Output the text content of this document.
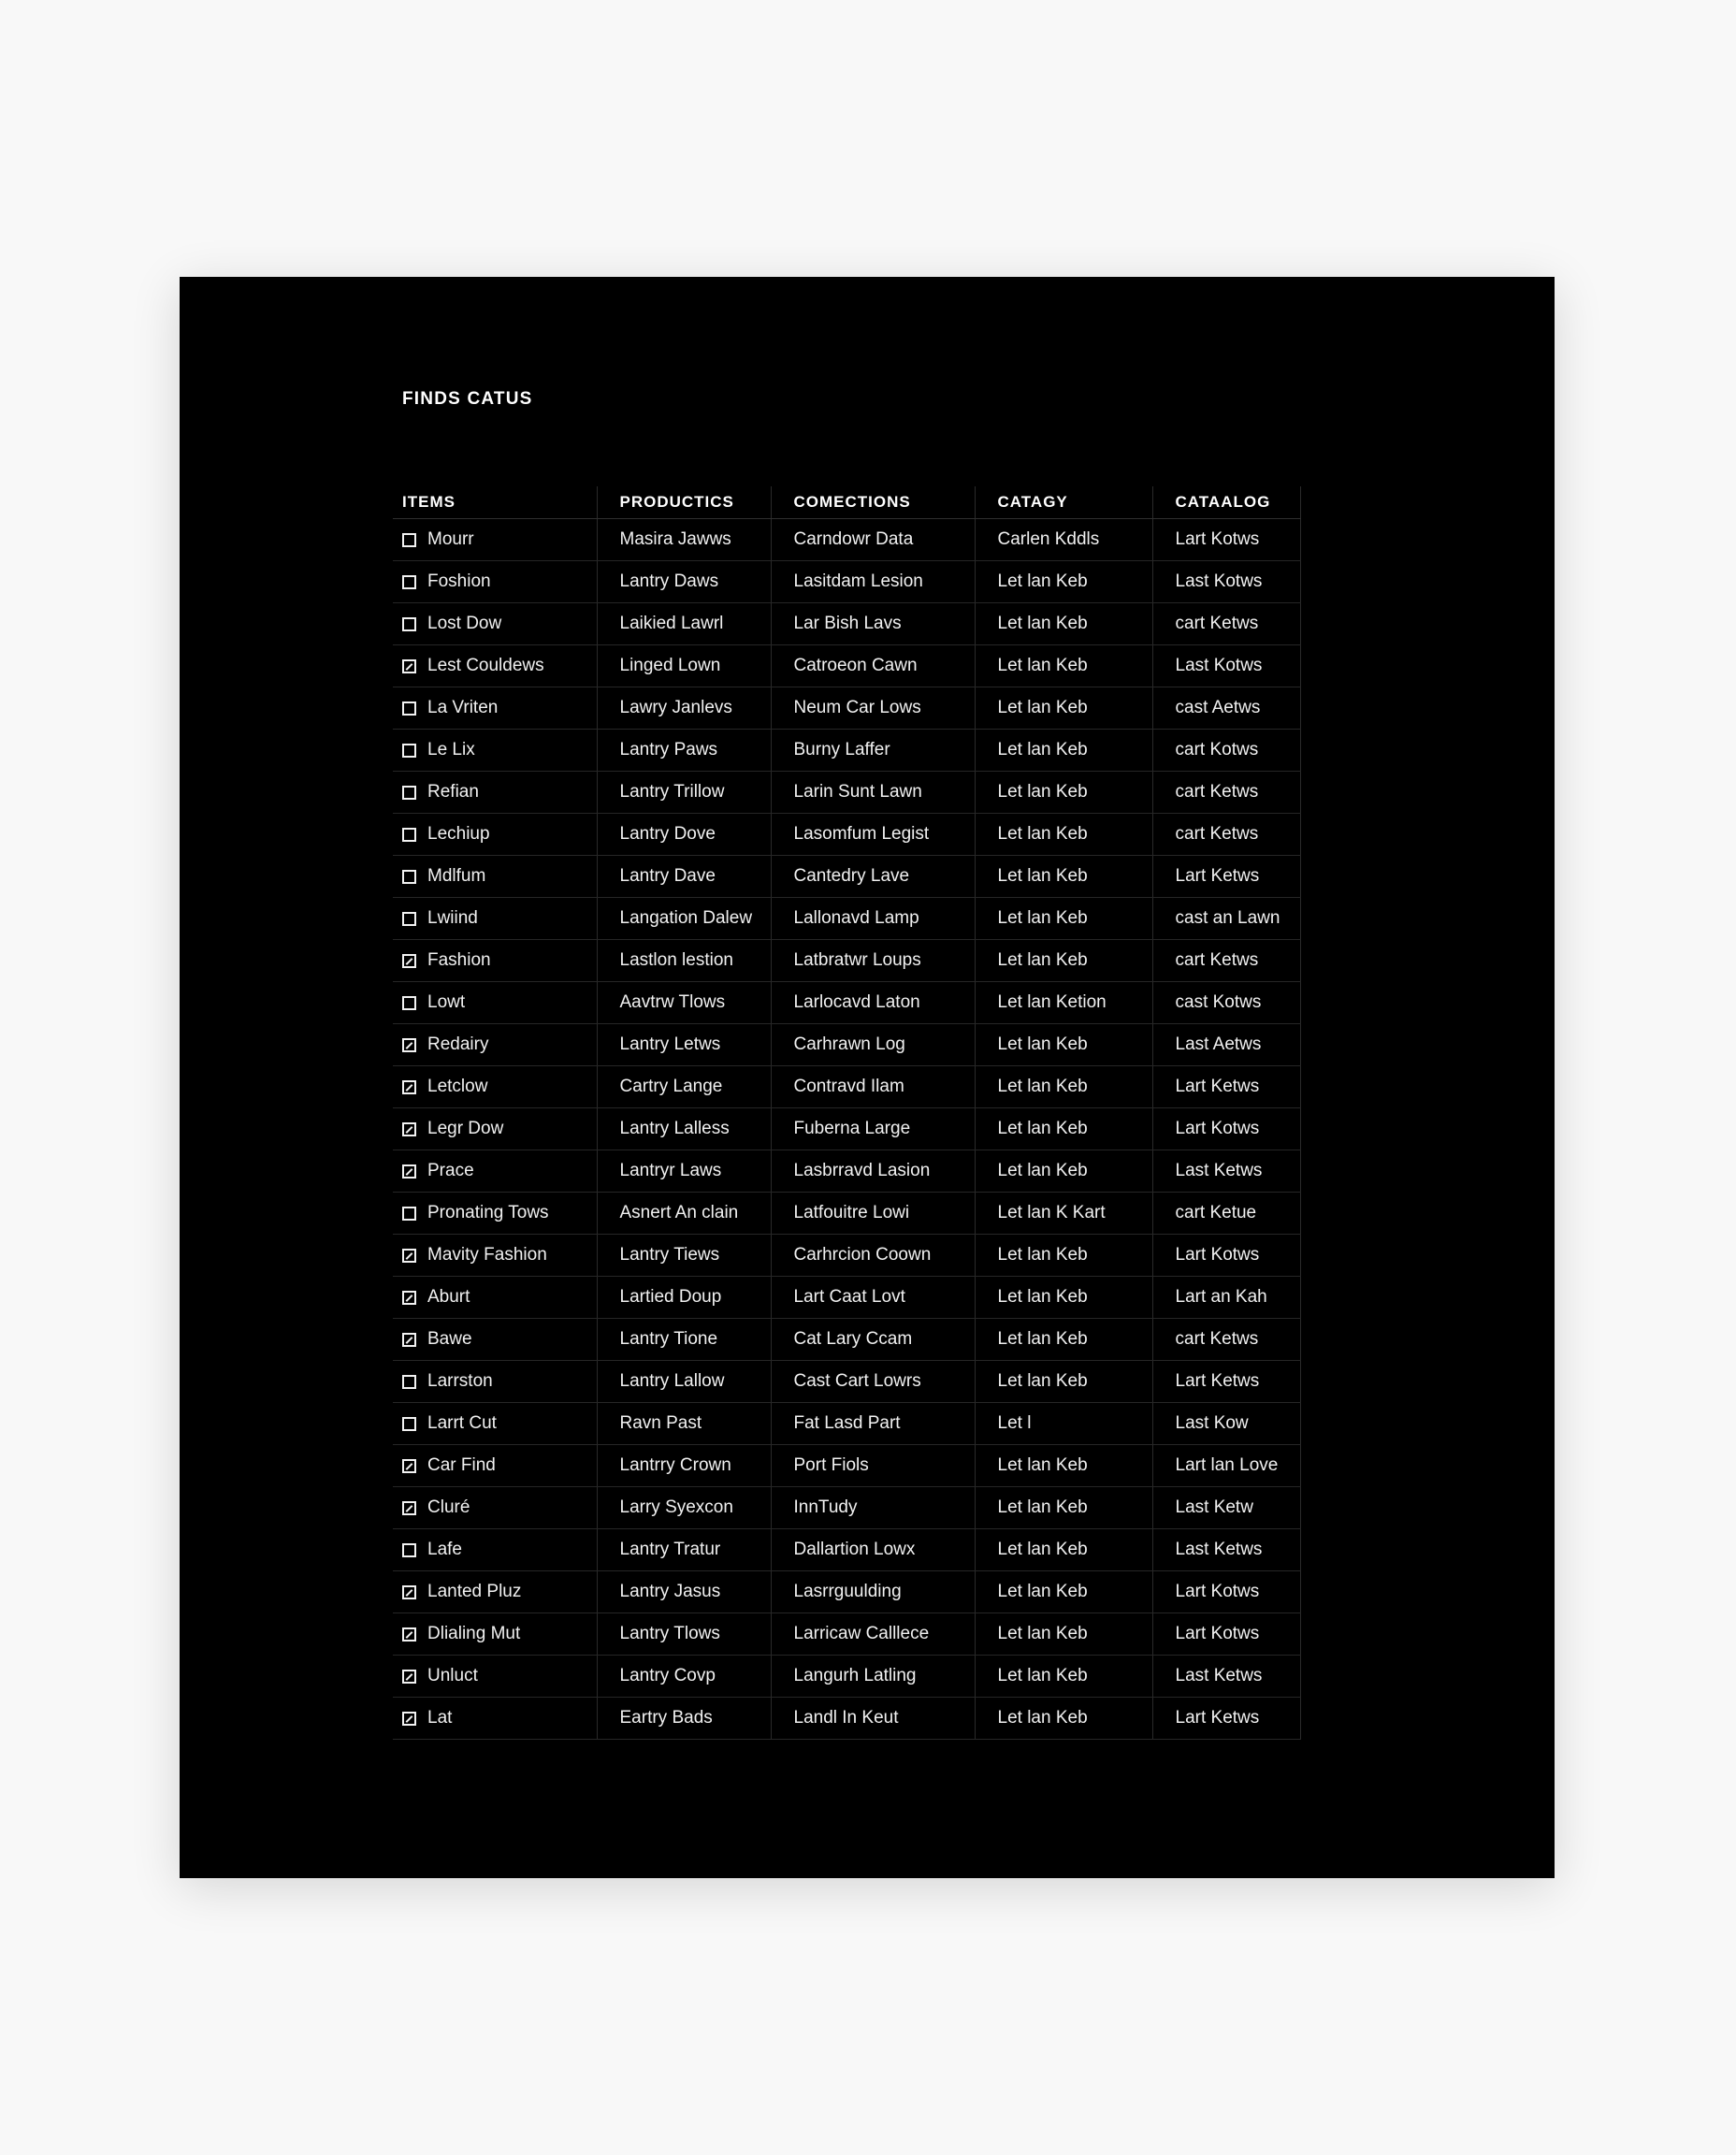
FINDS CATUS
ITEMS	PRODUCTICS	COMECTIONS	CATAGY	CATAALOG

Mourr	Masira Jawws	Carndowr Data	Carlen Kddls	Lart Kotws

Foshion	Lantry Daws	Lasitdam Lesion	Let lan Keb	Last Kotws

Lost Dow	Laikied Lawrl	Lar Bish Lavs	Let lan Keb	cart Ketws

Lest Couldews	Linged Lown	Catroeon Cawn	Let lan Keb	Last Kotws

La Vriten	Lawry Janlevs	Neum Car Lows	Let lan Keb	cast Aetws

Le Lix	Lantry Paws	Burny Laffer	Let lan Keb	cart Kotws

Refian	Lantry Trillow	Larin Sunt Lawn	Let lan Keb	cart Ketws

Lechiup	Lantry Dove	Lasomfum Legist	Let lan Keb	cart Ketws

Mdlfum	Lantry Dave	Cantedry Lave	Let lan Keb	Lart Ketws

Lwiind	Langation Dalew	Lallonavd Lamp	Let lan Keb	cast an Lawn

Fashion	Lastlon lestion	Latbratwr Loups	Let lan Keb	cart Ketws

Lowt	Aavtrw Tlows	Larlocavd Laton	Let lan Ketion	cast Kotws

Redairy	Lantry Letws	Carhrawn Log	Let lan Keb	Last Aetws

Letclow	Cartry Lange	Contravd Ilam	Let lan Keb	Lart Ketws

Legr Dow	Lantry Lalless	Fuberna Large	Let lan Keb	Lart Kotws

Prace	Lantryr Laws	Lasbrravd Lasion	Let lan Keb	Last Ketws

Pronating Tows	Asnert An clain	Latfouitre Lowi	Let lan K Kart	cart Ketue

Mavity Fashion	Lantry Tiews	Carhrcion Coown	Let lan Keb	Lart Kotws

Aburt	Lartied Doup	Lart Caat Lovt	Let lan Keb	Lart an Kah

Bawe	Lantry Tione	Cat Lary Ccam	Let lan Keb	cart Ketws

Larrston	Lantry Lallow	Cast Cart Lowrs	Let lan Keb	Lart Ketws

Larrt Cut	Ravn Past	Fat Lasd Part	Let l	Last Kow

Car Find	Lantrry Crown	Port Fiols	Let lan Keb	Lart lan Love

Cluré	Larry Syexcon	InnTudy	Let lan Keb	Last Ketw

Lafe	Lantry Tratur	Dallartion Lowx	Let lan Keb	Last Ketws

Lanted Pluz	Lantry Jasus	Lasrrguulding	Let lan Keb	Lart Kotws

Dlialing Mut	Lantry Tlows	Larricaw Calllece	Let lan Keb	Lart Kotws

Unluct	Lantry Covp	Langurh Latling	Let lan Keb	Last Ketws

Lat	Eartry Bads	Landl In Keut	Let lan Keb	Lart Ketws
